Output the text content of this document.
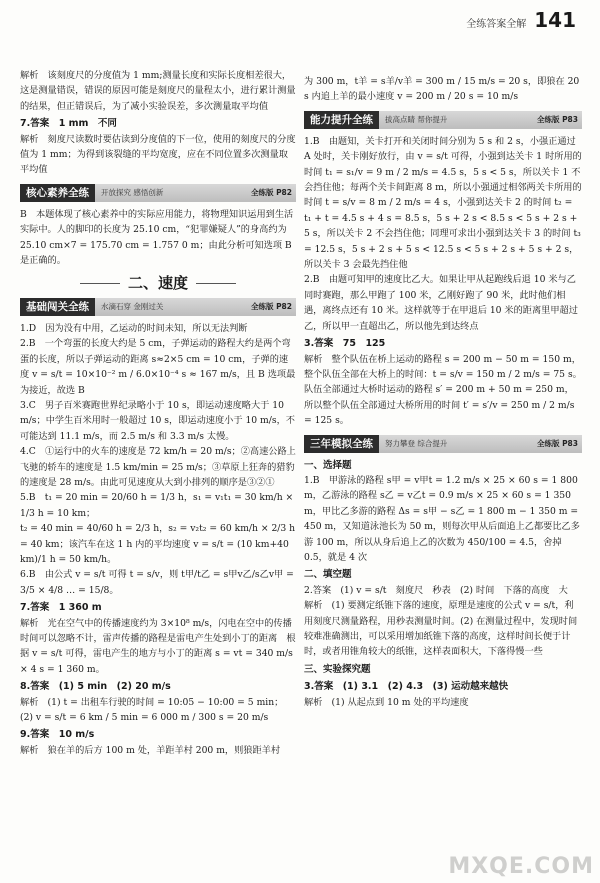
全练答案全解 141

解析　该刻度尺的分度值为 1 mm;测量长度和实际长度相差很大，这是测量错误，错误的原因可能是刻度尺的量程太小，进行累计测量的结果，但正错误后，为了减小实验误差，多次测量取平均值

7.答案　1 mm　不同

解析　刻度尺读数时要估读到分度值的下一位，使用的刻度尺的分度值为 1 mm；为得到该裂缝的平均宽度，应在不同位置多次测量取平均值

核心素养全练	开放探究 感悟创新	全练版 P82

B　本题体现了核心素养中的实际应用能力，将物理知识运用到生活实际中。人的脚印的长度为 25.10 cm，“犯罪嫌疑人”的身高约为 25.10 cm×7 = 175.70 cm = 1.757 0 m；由此分析可知选项 B 是正确的。

二、速度
基础闯关全练	水滴石穿 金刚过关	全练版 P82

1.D　因为没有中用，乙运动的时间未知，所以无法判断

2.B　一个弯蛋的长度大约是 5 cm，子弹运动的路程大约是两个弯蛋的长度，所以子弹运动的距离 s≈2×5 cm = 10 cm，子弹的速度 v = s/t = 10×10⁻² m / 6.0×10⁻⁴ s ≈ 167 m/s，且 B 选项最为接近，故选 B

3.C　男子百米赛跑世界纪录略小于 10 s，即运动速度略大于 10 m/s；中学生百米用时一般超过 10 s，即运动速度小于 10 m/s，不可能达到 11.1 m/s，而 2.5 m/s 和 3.3 m/s 太慢。

4.C　①运行中的火车的速度是 72 km/h = 20 m/s；②高速公路上飞驰的轿车的速度是 1.5 km/min = 25 m/s；③草原上狂奔的猎豹的速度是 28 m/s。由此可见速度从大到小排列的顺序是③②①

5.B　t₁ = 20 min = 20/60 h = 1/3 h，s₁ = v₁t₁ = 30 km/h × 1/3 h = 10 km；

t₂ = 40 min = 40/60 h = 2/3 h，s₂ = v₂t₂ = 60 km/h × 2/3 h = 40 km；该汽车在这 1 h 内的平均速度 v = s/t = (10 km+40 km)/1 h = 50 km/h。

6.B　由公式 v = s/t 可得 t = s/v，则 t甲/t乙 = s甲v乙/s乙v甲 = 3/5 × 4/8 … = 15/8。

7.答案　1 360 m

解析　光在空气中的传播速度约为 3×10⁸ m/s，闪电在空中的传播时间可以忽略不计，雷声传播的路程是雷电产生处到小丁的距离　根据 v = s/t 可得，雷电产生的地方与小丁的距离 s = vt = 340 m/s × 4 s = 1 360 m。

8.答案　(1) 5 min　(2) 20 m/s

解析　(1) t = 出租车行驶的时间 = 10:05 − 10:00 = 5 min；

(2) v = s/t = 6 km / 5 min = 6 000 m / 300 s = 20 m/s

9.答案　10 m/s

解析　狼在羊的后方 100 m 处，羊距羊村 200 m，则狼距羊村

为 300 m，t羊 = s羊/v羊 = 300 m / 15 m/s = 20 s，即狼在 20 s 内追上羊的最小速度 v = 200 m / 20 s = 10 m/s

能力提升全练	拔高点睛 帮你提升	全练版 P83

1.B　由题知，关卡打开和关闭时间分别为 5 s 和 2 s，小强正通过 A 处时，关卡刚好放行，由 v = s/t 可得，小强到达关卡 1 时所用的时间 t₁ = s₁/v = 9 m / 2 m/s = 4.5 s，5 s < 5 s，所以关卡 1 不会挡住他；每两个关卡间距离 8 m，所以小强通过相邻两关卡所用的时间 t = s/v = 8 m / 2 m/s = 4 s，小强到达关卡 2 的时间 t₂ = t₁ + t = 4.5 s + 4 s = 8.5 s，5 s + 2 s < 8.5 s < 5 s + 2 s + 5 s，所以关卡 2 不会挡住他；同理可求出小强到达关卡 3 的时间 t₃ = 12.5 s，5 s + 2 s + 5 s < 12.5 s < 5 s + 2 s + 5 s + 2 s，所以关卡 3 会最先挡住他

2.B　由题可知甲的速度比乙大。如果让甲从起跑线后退 10 米与乙同时赛跑，那么甲跑了 100 米，乙刚好跑了 90 米，此时他们相遇，离终点还有 10 米。这样就等于在甲退后 10 米的距离里甲超过乙，所以甲一直超出乙，所以他先到达终点

3.答案　75　125

解析　整个队伍在桥上运动的路程 s = 200 m − 50 m = 150 m，整个队伍全部在大桥上的时间：t = s/v = 150 m / 2 m/s = 75 s。队伍全部通过大桥时运动的路程 s′ = 200 m + 50 m = 250 m，所以整个队伍全部通过大桥所用的时间 t′ = s′/v = 250 m / 2 m/s = 125 s。

三年模拟全练	努力攀登 综合提升	全练版 P83

一、选择题

1.B　甲游泳的路程 s甲 = v甲t = 1.2 m/s × 25 × 60 s = 1 800 m，乙游泳的路程 s乙 = v乙t = 0.9 m/s × 25 × 60 s = 1 350 m，甲比乙多游的路程 Δs = s甲 − s乙 = 1 800 m − 1 350 m = 450 m，又知道泳池长为 50 m，则每次甲从后面追上乙都要比乙多游 100 m，所以从身后追上乙的次数为 450/100 = 4.5，舍掉 0.5，就是 4 次

二、填空题

2.答案　(1) v = s/t　刻度尺　秒表　(2) 时间　下落的高度　大

解析　(1) 要测定纸锥下落的速度，原理是速度的公式 v = s/t，利用刻度尺测量路程，用秒表测量时间。(2) 在测量过程中，发现时间较难准确测出，可以采用增加纸锥下落的高度，这样时间长便于计时，或者用锥角较大的纸锥，这样表面积大，下落得慢一些

三、实验探究题

3.答案　(1) 3.1　(2) 4.3　(3) 运动越来越快

解析　(1) 从起点到 10 m 处的平均速度

MXQE.COM
